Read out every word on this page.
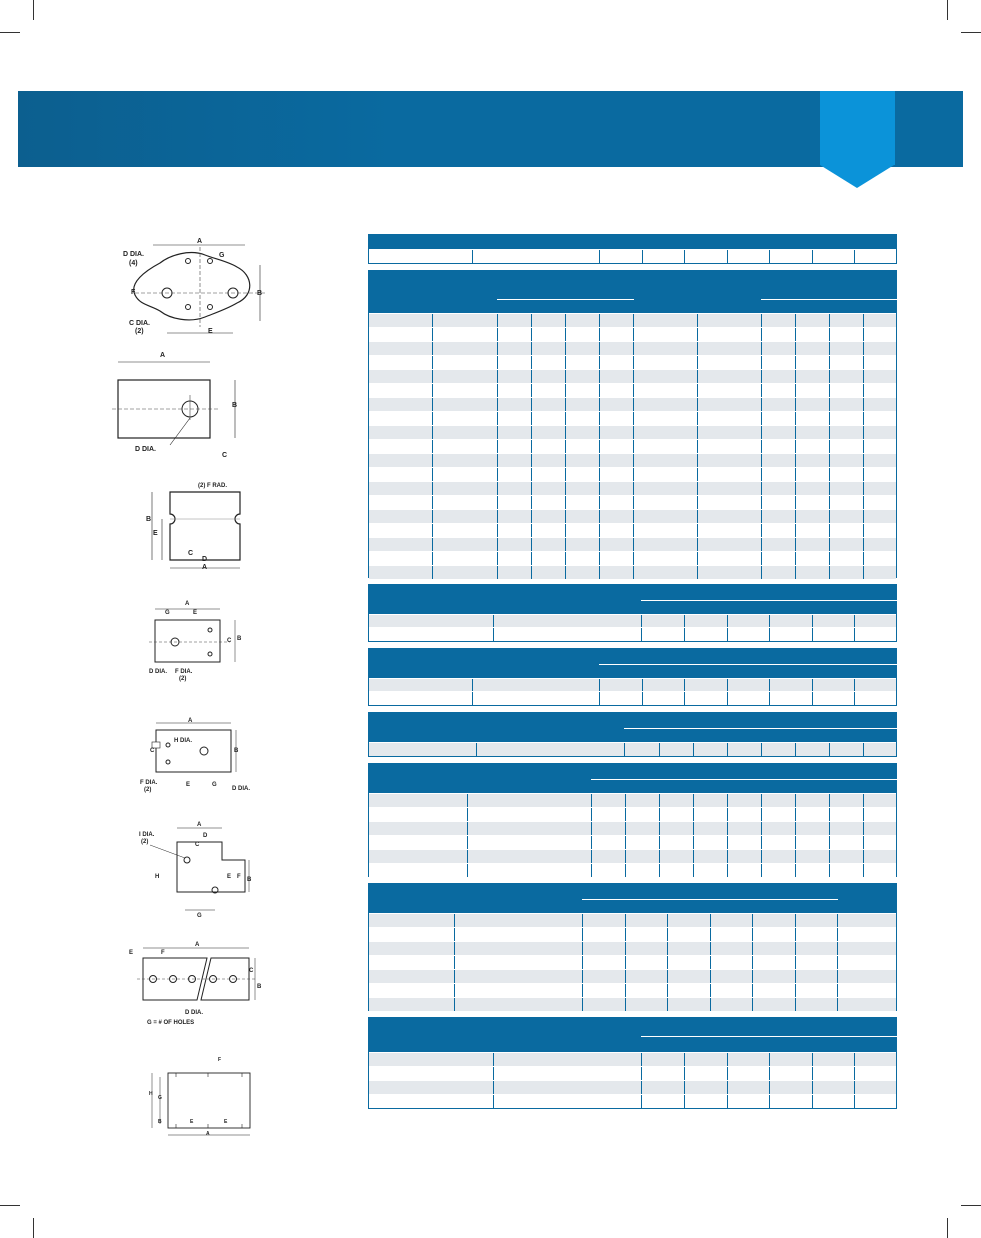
A
G
D DIA.
(4)
F	B
C DIA.
(2)	E
A
B
D DIA.
C
(2) F RAD.
B
E
C
D
A
A
G	E
C B
D DIA. F DIA.
(2)
A
H DIA.
C	B
F DIA.
(2)
E	G
D DIA.
A
I DIA.
(2)
D
C
H	E F B
G
E	F
A
C
B
D DIA.
G = # OF HOLES
F
H
G
B	E	E
A
